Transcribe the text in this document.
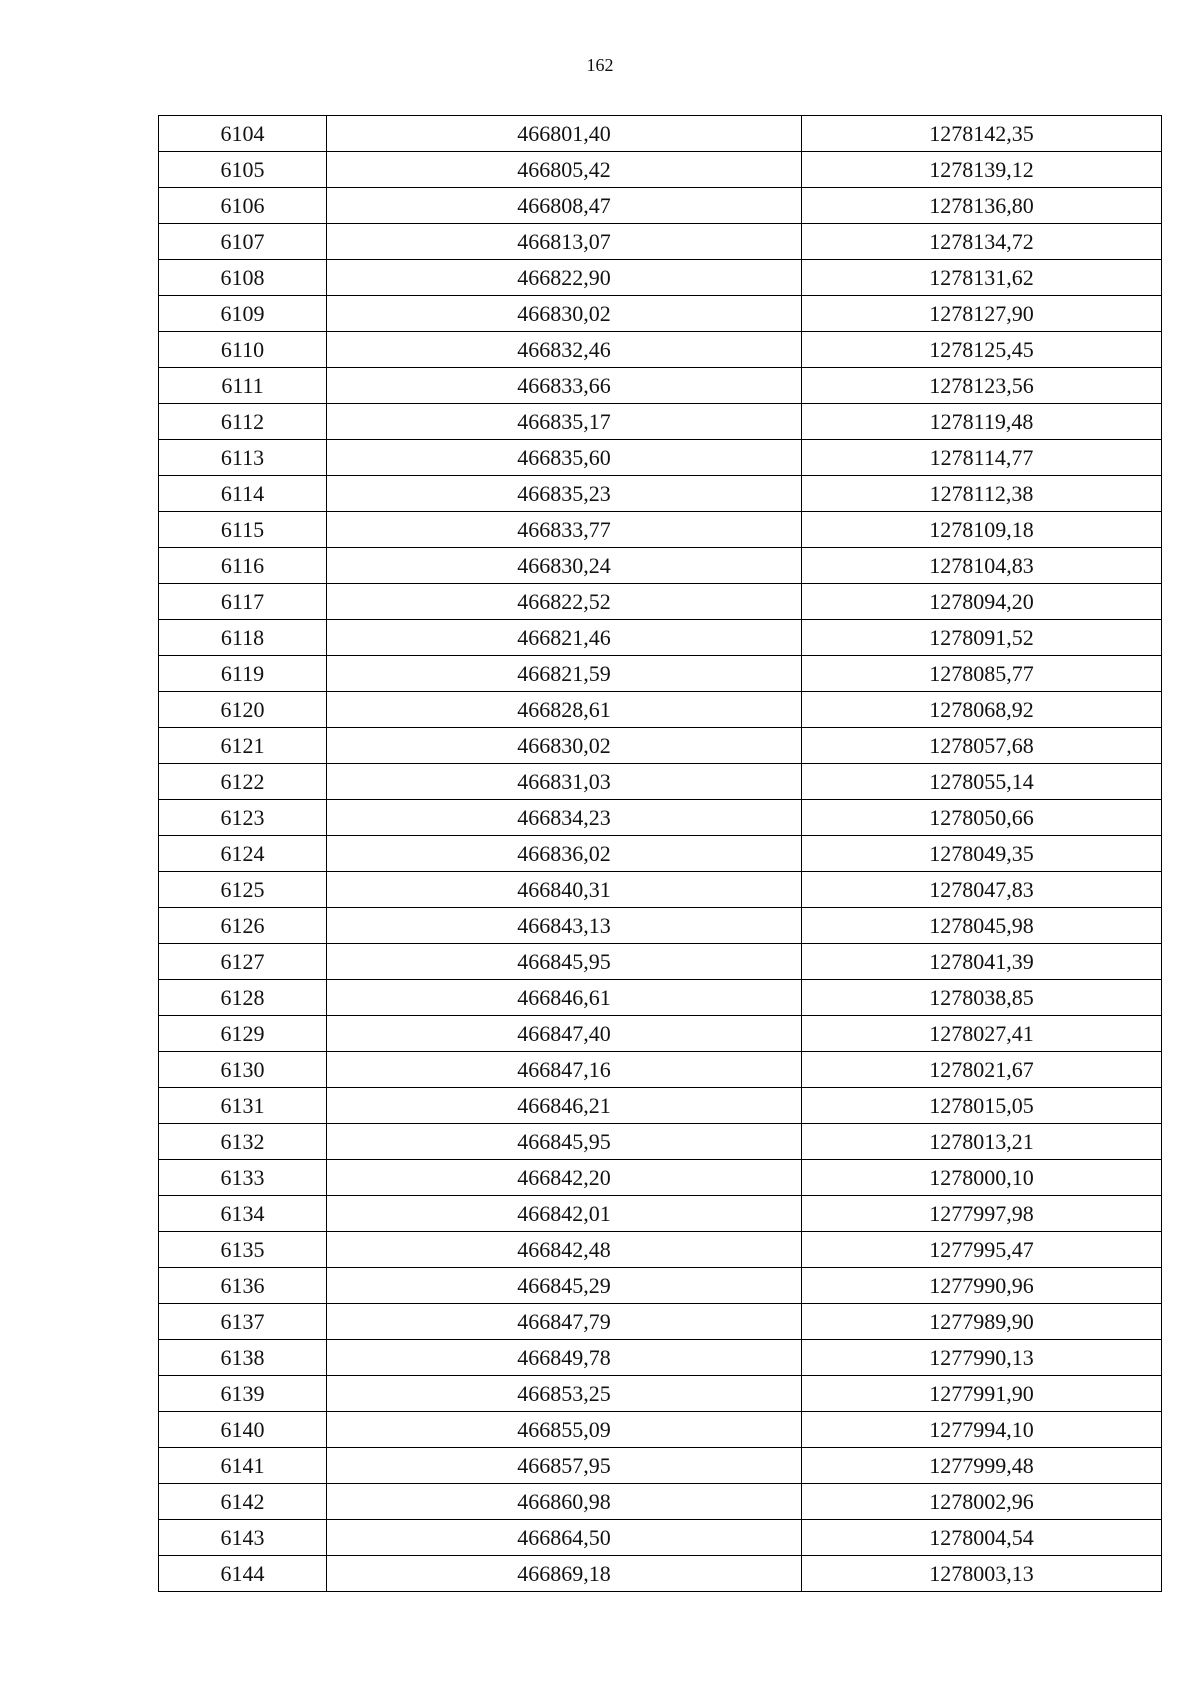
162
6104	466801,40	1278142,35
6105	466805,42	1278139,12
6106	466808,47	1278136,80
6107	466813,07	1278134,72
6108	466822,90	1278131,62
6109	466830,02	1278127,90
6110	466832,46	1278125,45
6111	466833,66	1278123,56
6112	466835,17	1278119,48
6113	466835,60	1278114,77
6114	466835,23	1278112,38
6115	466833,77	1278109,18
6116	466830,24	1278104,83
6117	466822,52	1278094,20
6118	466821,46	1278091,52
6119	466821,59	1278085,77
6120	466828,61	1278068,92
6121	466830,02	1278057,68
6122	466831,03	1278055,14
6123	466834,23	1278050,66
6124	466836,02	1278049,35
6125	466840,31	1278047,83
6126	466843,13	1278045,98
6127	466845,95	1278041,39
6128	466846,61	1278038,85
6129	466847,40	1278027,41
6130	466847,16	1278021,67
6131	466846,21	1278015,05
6132	466845,95	1278013,21
6133	466842,20	1278000,10
6134	466842,01	1277997,98
6135	466842,48	1277995,47
6136	466845,29	1277990,96
6137	466847,79	1277989,90
6138	466849,78	1277990,13
6139	466853,25	1277991,90
6140	466855,09	1277994,10
6141	466857,95	1277999,48
6142	466860,98	1278002,96
6143	466864,50	1278004,54
6144	466869,18	1278003,13
